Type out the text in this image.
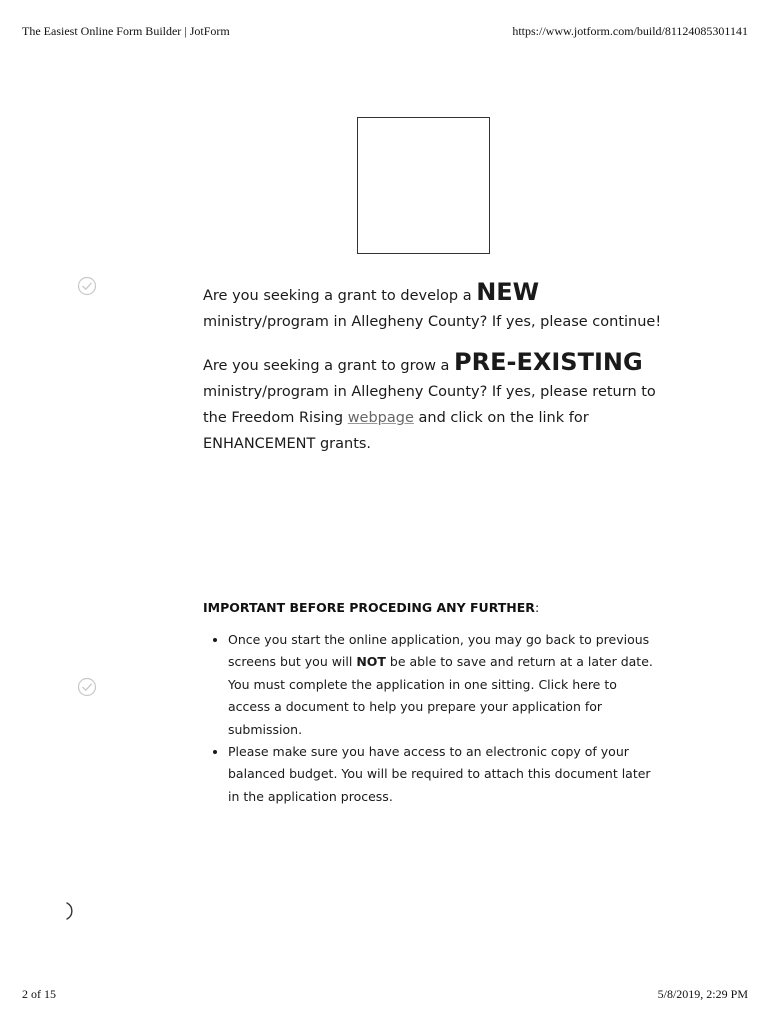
The Easiest Online Form Builder | JotForm	https://www.jotform.com/build/81124085301141

Are you seeking a grant to develop a NEW ministry/program in Allegheny County? If yes, please continue!

Are you seeking a grant to grow a PRE-EXISTING ministry/program in Allegheny County? If yes, please return to the Freedom Rising webpage and click on the link for ENHANCEMENT grants.

IMPORTANT BEFORE PROCEDING ANY FURTHER:

• Once you start the online application, you may go back to previous screens but you will NOT be able to save and return at a later date. You must complete the application in one sitting. Click here to access a document to help you prepare your application for submission.
• Please make sure you have access to an electronic copy of your balanced budget. You will be required to attach this document later in the application process.
2 of 15	5/8/2019, 2:29 PM
